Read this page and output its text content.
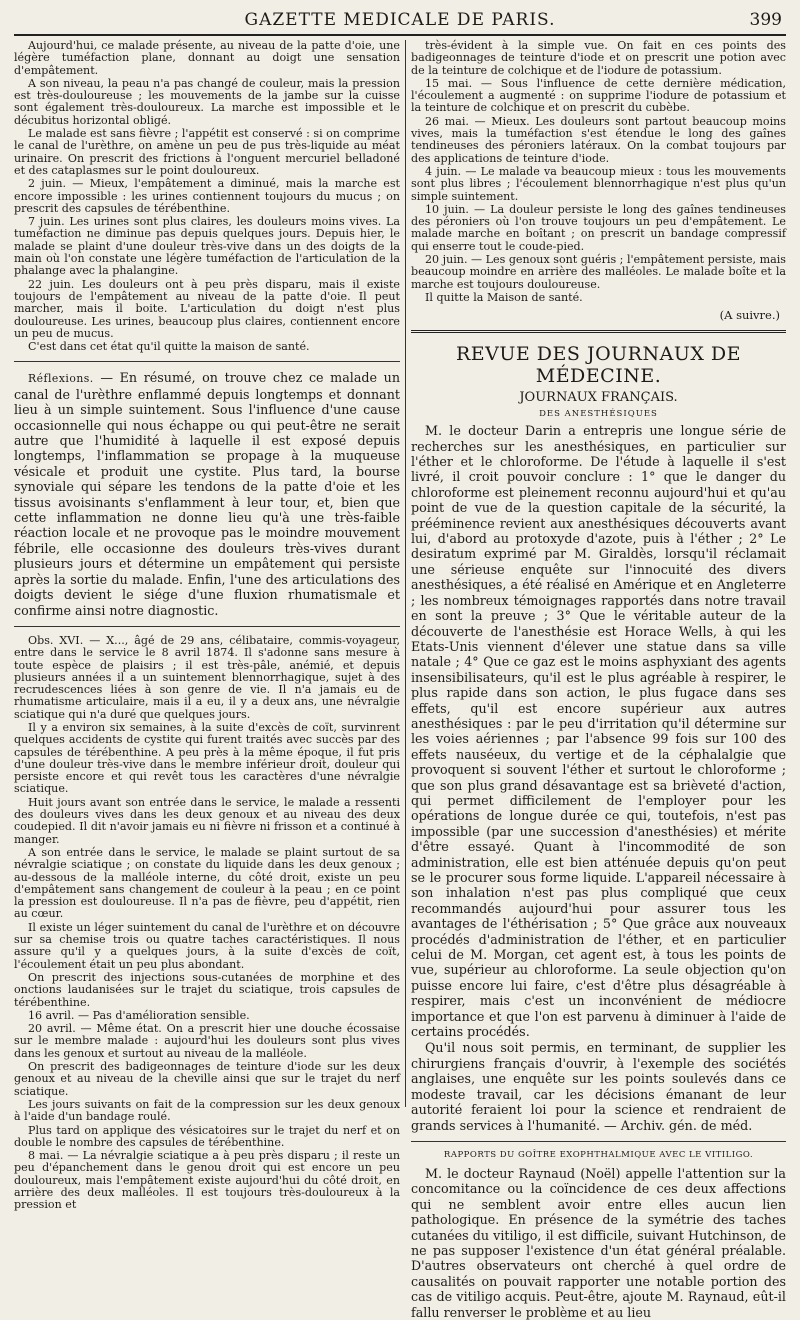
GAZETTE MEDICALE DE PARIS.	399

Aujourd'hui, ce malade présente, au niveau de la patte d'oie, une légère tuméfaction plane, donnant au doigt une sensation d'empâtement.

A son niveau, la peau n'a pas changé de couleur, mais la pression est très-douloureuse ; les mouvements de la jambe sur la cuisse sont également très-douloureux. La marche est impossible et le décubitus horizontal obligé.

Le malade est sans fièvre ; l'appétit est conservé : si on comprime le canal de l'urèthre, on amène un peu de pus très-liquide au méat urinaire. On prescrit des frictions à l'onguent mercuriel belladoné et des cataplasmes sur le point douloureux.

2 juin. — Mieux, l'empâtement a diminué, mais la marche est encore impossible : les urines contiennent toujours du mucus ; on prescrit des capsules de térébenthine.

7 juin. Les urines sont plus claires, les douleurs moins vives. La tuméfaction ne diminue pas depuis quelques jours. Depuis hier, le malade se plaint d'une douleur très-vive dans un des doigts de la main où l'on constate une légère tuméfaction de l'articulation de la phalange avec la phalangine.

22 juin. Les douleurs ont à peu près disparu, mais il existe toujours de l'empâtement au niveau de la patte d'oie. Il peut marcher, mais il boite. L'articulation du doigt n'est plus douloureuse. Les urines, beaucoup plus claires, contiennent encore un peu de mucus.

C'est dans cet état qu'il quitte la maison de santé.

Réflexions. — En résumé, on trouve chez ce malade un canal de l'urèthre enflammé depuis longtemps et donnant lieu à un simple suintement. Sous l'influence d'une cause occasionnelle qui nous échappe ou qui peut-être ne serait autre que l'humidité à laquelle il est exposé depuis longtemps, l'inflammation se propage à la muqueuse vésicale et produit une cystite. Plus tard, la bourse synoviale qui sépare les tendons de la patte d'oie et les tissus avoisinants s'enflamment à leur tour, et, bien que cette inflammation ne donne lieu qu'à une très-faible réaction locale et ne provoque pas le moindre mouvement fébrile, elle occasionne des douleurs très-vives durant plusieurs jours et détermine un empâtement qui persiste après la sortie du malade. Enfin, l'une des articulations des doigts devient le siége d'une fluxion rhumatismale et confirme ainsi notre diagnostic.

Obs. XVI. — X..., âgé de 29 ans, célibataire, commis-voyageur, entre dans le service le 8 avril 1874. Il s'adonne sans mesure à toute espèce de plaisirs ; il est très-pâle, anémié, et depuis plusieurs années il a un suintement blennorrhagique, sujet à des recrudescences liées à son genre de vie. Il n'a jamais eu de rhumatisme articulaire, mais il a eu, il y a deux ans, une névralgie sciatique qui n'a duré que quelques jours.

Il y a environ six semaines, à la suite d'excès de coït, survinrent quelques accidents de cystite qui furent traités avec succès par des capsules de térébenthine. A peu près à la même époque, il fut pris d'une douleur très-vive dans le membre inférieur droit, douleur qui persiste encore et qui revêt tous les caractères d'une névralgie sciatique.

Huit jours avant son entrée dans le service, le malade a ressenti des douleurs vives dans les deux genoux et au niveau des deux coudepied. Il dit n'avoir jamais eu ni fièvre ni frisson et a continué à manger.

A son entrée dans le service, le malade se plaint surtout de sa névralgie sciatique ; on constate du liquide dans les deux genoux ; au-dessous de la malléole interne, du côté droit, existe un peu d'empâtement sans changement de couleur à la peau ; en ce point la pression est douloureuse. Il n'a pas de fièvre, peu d'appétit, rien au cœur.

Il existe un léger suintement du canal de l'urèthre et on découvre sur sa chemise trois ou quatre taches caractéristiques. Il nous assure qu'il y a quelques jours, à la suite d'excès de coït, l'écoulement était un peu plus abondant.

On prescrit des injections sous-cutanées de morphine et des onctions laudanisées sur le trajet du sciatique, trois capsules de térébenthine.

16 avril. — Pas d'amélioration sensible.

20 avril. — Même état. On a prescrit hier une douche écossaise sur le membre malade : aujourd'hui les douleurs sont plus vives dans les genoux et surtout au niveau de la malléole.

On prescrit des badigeonnages de teinture d'iode sur les deux genoux et au niveau de la cheville ainsi que sur le trajet du nerf sciatique.

Les jours suivants on fait de la compression sur les deux genoux à l'aide d'un bandage roulé.

Plus tard on applique des vésicatoires sur le trajet du nerf et on double le nombre des capsules de térébenthine.

8 mai. — La névralgie sciatique a à peu près disparu ; il reste un peu d'épanchement dans le genou droit qui est encore un peu douloureux, mais l'empâtement existe aujourd'hui du côté droit, en arrière des deux malléoles. Il est toujours très-douloureux à la pression et

très-évident à la simple vue. On fait en ces points des badigeonnages de teinture d'iode et on prescrit une potion avec de la teinture de colchique et de l'iodure de potassium.

15 mai. — Sous l'influence de cette dernière médication, l'écoulement a augmenté : on supprime l'iodure de potassium et la teinture de colchique et on prescrit du cubèbe.

26 mai. — Mieux. Les douleurs sont partout beaucoup moins vives, mais la tuméfaction s'est étendue le long des gaînes tendineuses des péroniers latéraux. On la combat toujours par des applications de teinture d'iode.

4 juin. — Le malade va beaucoup mieux : tous les mouvements sont plus libres ; l'écoulement blennorrhagique n'est plus qu'un simple suintement.

10 juin. — La douleur persiste le long des gaînes tendineuses des péroniers où l'on trouve toujours un peu d'empâtement. Le malade marche en boîtant ; on prescrit un bandage compressif qui enserre tout le coude-pied.

20 juin. — Les genoux sont guéris ; l'empâtement persiste, mais beaucoup moindre en arrière des malléoles. Le malade boîte et la marche est toujours douloureuse.

Il quitte la Maison de santé.

(A suivre.)
REVUE DES JOURNAUX DE MÉDECINE.
JOURNAUX FRANÇAIS.
DES ANESTHÉSIQUES

M. le docteur Darin a entrepris une longue série de recherches sur les anesthésiques, en particulier sur l'éther et le chloroforme. De l'étude à laquelle il s'est livré, il croit pouvoir conclure : 1° que le danger du chloroforme est pleinement reconnu aujourd'hui et qu'au point de vue de la question capitale de la sécurité, la prééminence revient aux anesthésiques découverts avant lui, d'abord au protoxyde d'azote, puis à l'éther ; 2° Le desiratum exprimé par M. Giraldès, lorsqu'il réclamait une sérieuse enquête sur l'innocuité des divers anesthésiques, a été réalisé en Amérique et en Angleterre ; les nombreux témoignages rapportés dans notre travail en sont la preuve ; 3° Que le véritable auteur de la découverte de l'anesthésie est Horace Wells, à qui les Etats-Unis viennent d'élever une statue dans sa ville natale ; 4° Que ce gaz est le moins asphyxiant des agents insensibilisateurs, qu'il est le plus agréable à respirer, le plus rapide dans son action, le plus fugace dans ses effets, qu'il est encore supérieur aux autres anesthésiques : par le peu d'irritation qu'il détermine sur les voies aériennes ; par l'absence 99 fois sur 100 des effets nauséeux, du vertige et de la céphalalgie que provoquent si souvent l'éther et surtout le chloroforme ; que son plus grand désavantage est sa brièveté d'action, qui permet difficilement de l'employer pour les opérations de longue durée ce qui, toutefois, n'est pas impossible (par une succession d'anesthésies) et mérite d'être essayé. Quant à l'incommodité de son administration, elle est bien atténuée depuis qu'on peut se le procurer sous forme liquide. L'appareil nécessaire à son inhalation n'est pas plus compliqué que ceux recommandés aujourd'hui pour assurer tous les avantages de l'éthérisation ; 5° Que grâce aux nouveaux procédés d'administration de l'éther, et en particulier celui de M. Morgan, cet agent est, à tous les points de vue, supérieur au chloroforme. La seule objection qu'on puisse encore lui faire, c'est d'être plus désagréable à respirer, mais c'est un inconvénient de médiocre importance et que l'on est parvenu à diminuer à l'aide de certains procédés.

Qu'il nous soit permis, en terminant, de supplier les chirurgiens français d'ouvrir, à l'exemple des sociétés anglaises, une enquête sur les points soulevés dans ce modeste travail, car les décisions émanant de leur autorité feraient loi pour la science et rendraient de grands services à l'humanité. — Archiv. gén. de méd.

RAPPORTS DU GOÎTRE EXOPHTHALMIQUE AVEC LE VITILIGO.

M. le docteur Raynaud (Noël) appelle l'attention sur la concomitance ou la coïncidence de ces deux affections qui ne semblent avoir entre elles aucun lien pathologique. En présence de la symétrie des taches cutanées du vitiligo, il est difficile, suivant Hutchinson, de ne pas supposer l'existence d'un état général préalable. D'autres observateurs ont cherché à quel ordre de causalités on pouvait rapporter une notable portion des cas de vitiligo acquis. Peut-être, ajoute M. Raynaud, eût-il fallu renverser le problème et au lieu
